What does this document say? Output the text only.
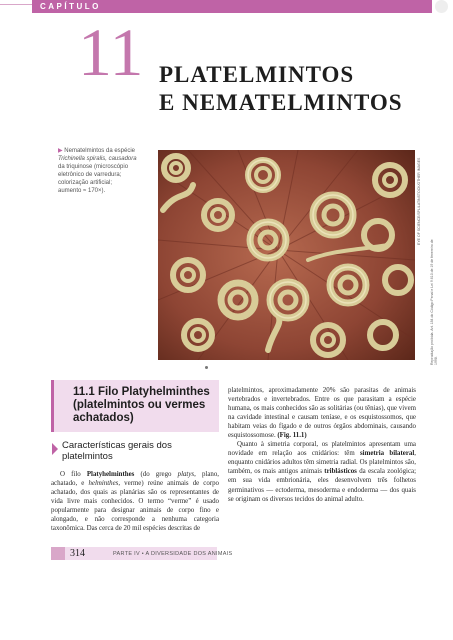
CAPÍTULO
11 PLATELMINTOS
E NEMATELMINTOS
▶ Nematelmintos da espécie
Trichinella spiralis, causadora
da triquinose (microscópio
eletrônico de varredura;
colorização artificial;
aumento ≈ 170×).	EYE OF SCIENCE/SPL/LATINSTOCK/OTHER IMAGES
Reprodução proibida. Art. 184 do Código Penal e Lei 9.610 de 19 de fevereiro de 1998.
11.1 Filo Platyhelminthes (platelmintos ou vermes achatados)
Características gerais dos platelmintos

O filo Platyhelminthes (do grego platys, plano, achatado, e helminthes, verme) reúne animais de corpo achatado, dos quais as planárias são os representantes de vida livre mais conhecidos. O termo “verme” é usado popularmente para designar animais de corpo fino e alongado, e não corresponde a nenhuma categoria taxonômica. Das cerca de 20 mil espécies descritas de

platelmintos, aproximadamente 20% são parasitas de animais vertebrados e invertebrados. Entre os que parasitam a espécie humana, os mais conhecidos são as solitárias (ou tênias), que vivem na cavidade intestinal e causam teníase, e os esquistossomos, que habitam veias do fígado e de outros órgãos abdominais, causando esquistossomose. (Fig. 11.1)

Quanto à simetria corporal, os platelmintos apresentam uma novidade em relação aos cnidários: têm simetria bilateral, enquanto cnidários adultos têm simetria radial. Os platelmintos são, também, os mais antigos animais triblásticos da escala zoológica; em sua vida embrionária, eles desenvolvem três folhetos germinativos — ectoderma, mesoderma e endoderma — dos quais se originam os diversos tecidos do animal adulto.

314	PARTE IV • A DIVERSIDADE DOS ANIMAIS
